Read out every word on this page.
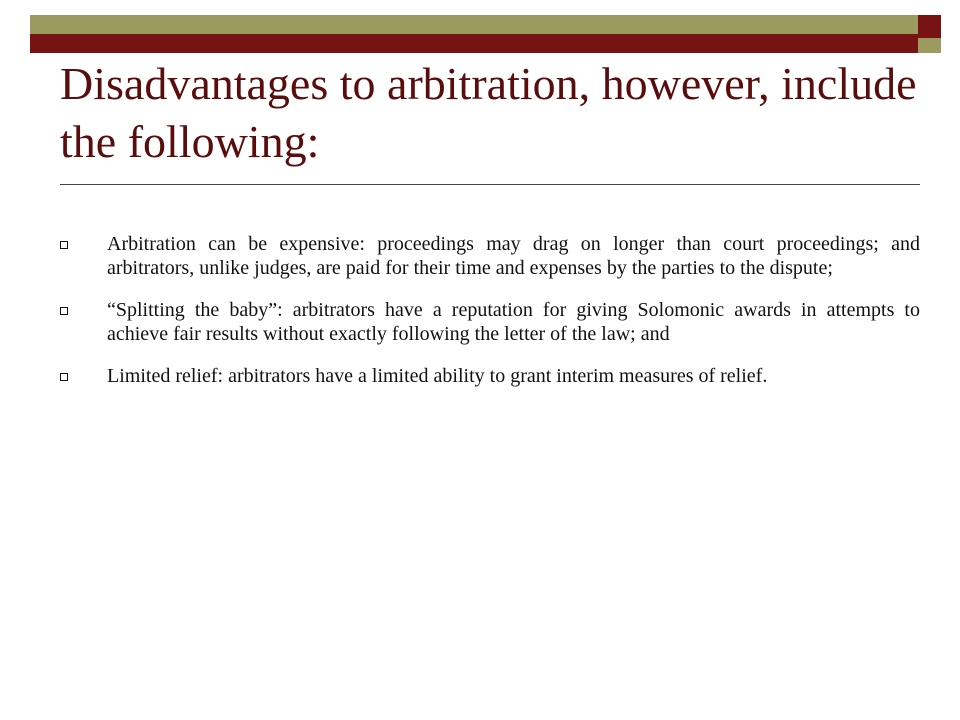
Disadvantages to arbitration, however, include the following:
Arbitration can be expensive: proceedings may drag on longer than court proceedings; and arbitrators, unlike judges, are paid for their time and expenses by the parties to the dispute;
“Splitting the baby”: arbitrators have a reputation for giving Solomonic awards in attempts to achieve fair results without exactly following the letter of the law; and
Limited relief: arbitrators have a limited ability to grant interim measures of relief.
